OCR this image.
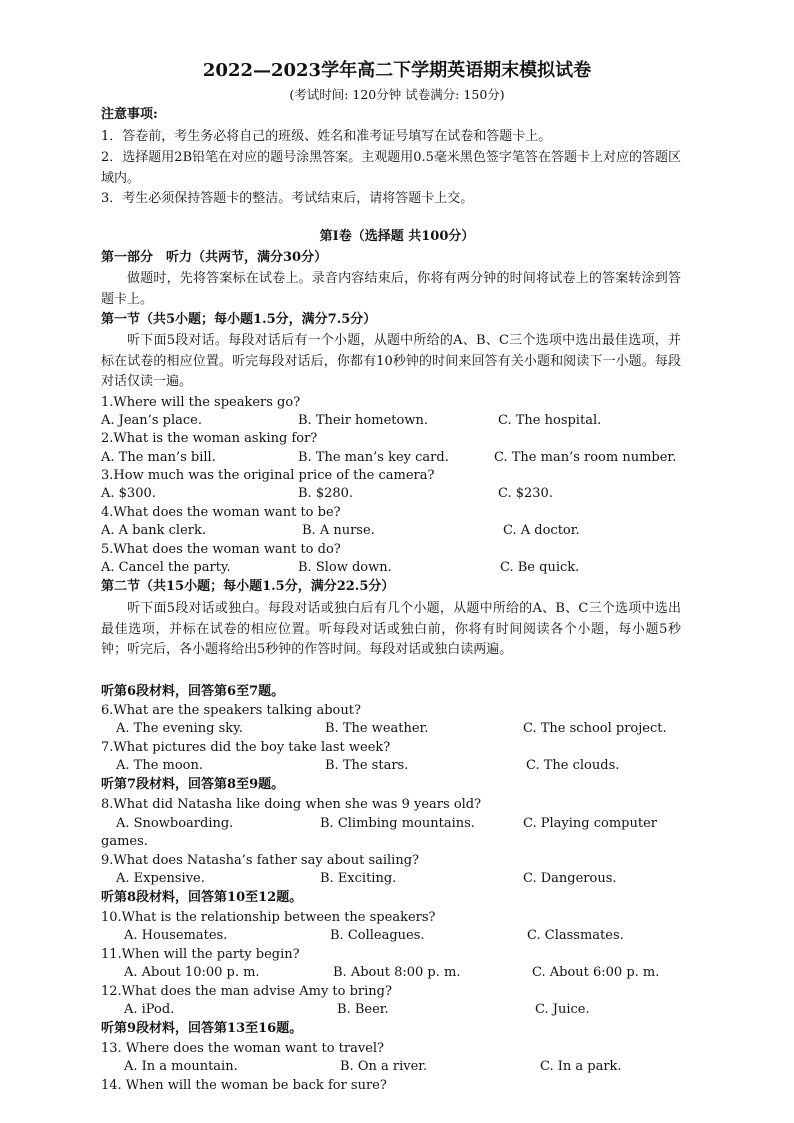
2022—2023学年高二下学期英语期末模拟试卷
(考试时间: 120分钟 试卷满分: 150分)
注意事项:
1．答卷前，考生务必将自己的班级、姓名和准考证号填写在试卷和答题卡上。
2．选择题用2B铅笔在对应的题号涂黑答案。主观题用0.5毫米黑色签字笔答在答题卡上对应的答题区域内。
3．考生必须保持答题卡的整洁。考试结束后，请将答题卡上交。
第I卷（选择题 共100分）
第一部分　听力（共两节，满分30分）
做题时，先将答案标在试卷上。录音内容结束后，你将有两分钟的时间将试卷上的答案转涂到答题卡上。
第一节（共5小题；每小题1.5分，满分7.5分）
听下面5段对话。每段对话后有一个小题，从题中所给的A、B、C三个选项中选出最佳选项，并标在试卷的相应位置。听完每段对话后，你都有10秒钟的时间来回答有关小题和阅读下一小题。每段对话仅读一遍。
1.Where will the speakers go?
A. Jean’s place.	B. Their hometown.	C. The hospital.
2.What is the woman asking for?
A. The man’s bill.	B. The man’s key card.	C. The man’s room number.
3.How much was the original price of the camera?
A. $300.	B. $280.	C. $230.
4.What does the woman want to be?
A. A bank clerk.	B. A nurse.	C. A doctor.
5.What does the woman want to do?
A. Cancel the party.	B. Slow down.	C. Be quick.
第二节（共15小题；每小题1.5分，满分22.5分）
听下面5段对话或独白。每段对话或独白后有几个小题，从题中所给的A、B、C三个选项中选出最佳选项，并标在试卷的相应位置。听每段对话或独白前，你将有时间阅读各个小题，每小题5秒钟；听完后，各小题将给出5秒钟的作答时间。每段对话或独白读两遍。
听第6段材料，回答第6至7题。
6.What are the speakers talking about?
A. The evening sky.	B. The weather.	C. The school project.
7.What pictures did the boy take last week?
A. The moon.	B. The stars.	C. The clouds.
听第7段材料，回答第8至9题。
8.What did Natasha like doing when she was 9 years old?
A. Snowboarding.	B. Climbing mountains.	C. Playing computer
games.
9.What does Natasha’s father say about sailing?
A. Expensive.	B. Exciting.	C. Dangerous.
听第8段材料，回答第10至12题。
10.What is the relationship between the speakers?
A. Housemates.	B. Colleagues.	C. Classmates.
11.When will the party begin?
A. About 10:00 p. m.	B. About 8:00 p. m.	C. About 6:00 p. m.
12.What does the man advise Amy to bring?
A. iPod.	B. Beer.	C. Juice.
听第9段材料，回答第13至16题。
13. Where does the woman want to travel?
A. In a mountain.	B. On a river.	C. In a park.
14. When will the woman be back for sure?
